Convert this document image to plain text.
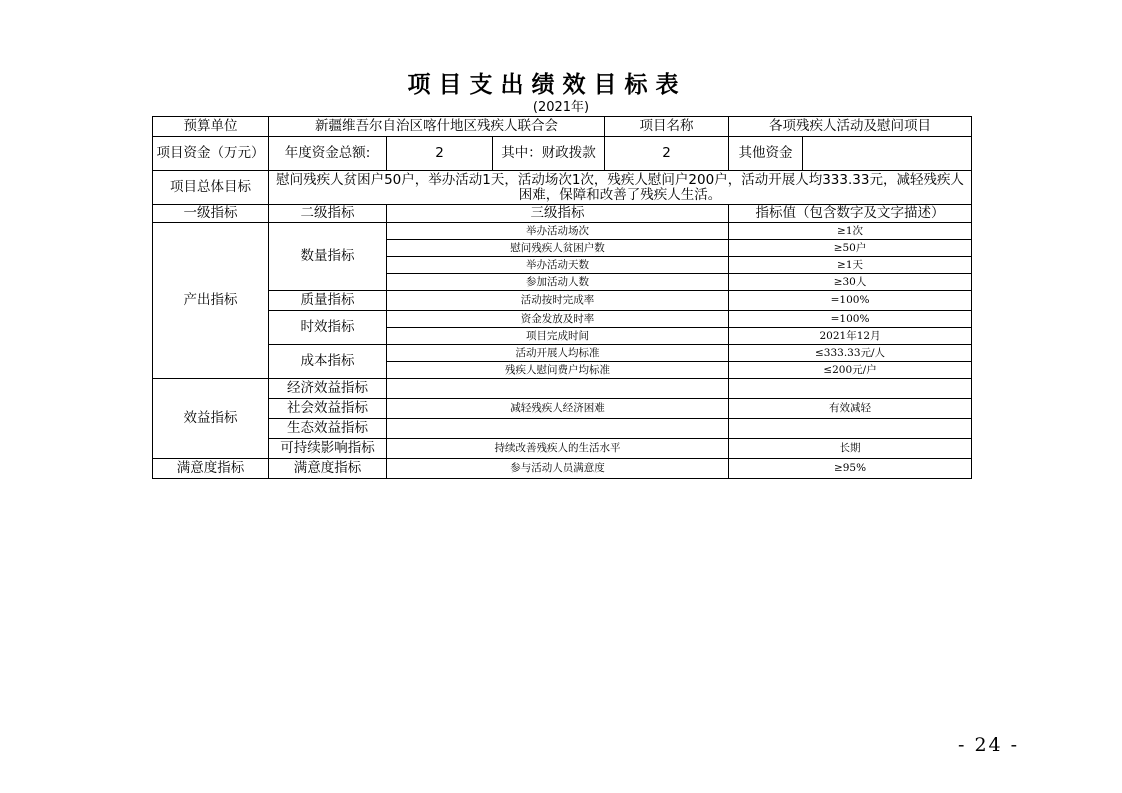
项目支出绩效目标表
(2021年)
预算单位	新疆维吾尔自治区喀什地区残疾人联合会			项目名称	各项残疾人活动及慰问项目	
项目资金（万元）	年度资金总额:	2	其中：财政拨款	2	其他资金	
项目总体目标	慰问残疾人贫困户50户，举办活动1天，活动场次1次，残疾人慰问户200户，活动开展人均333.33元，减轻残疾人困难，保障和改善了残疾人生活。					
一级指标	二级指标	三级指标			指标值（包含数字及文字描述）	
产出指标	数量指标	举办活动场次			≥1次	
		慰问残疾人贫困户数			≥50户	
		举办活动天数			≥1天	
		参加活动人数			≥30人	
	质量指标	活动按时完成率			=100%	
	时效指标	资金发放及时率			=100%	
		项目完成时间			2021年12月	
	成本指标	活动开展人均标准			≤333.33元/人	
		残疾人慰问费户均标准			≤200元/户	
效益指标	经济效益指标					
	社会效益指标	减轻残疾人经济困难			有效减轻	
	生态效益指标					
	可持续影响指标	持续改善残疾人的生活水平			长期	
满意度指标	满意度指标	参与活动人员满意度			≥95%	
- 24 -
